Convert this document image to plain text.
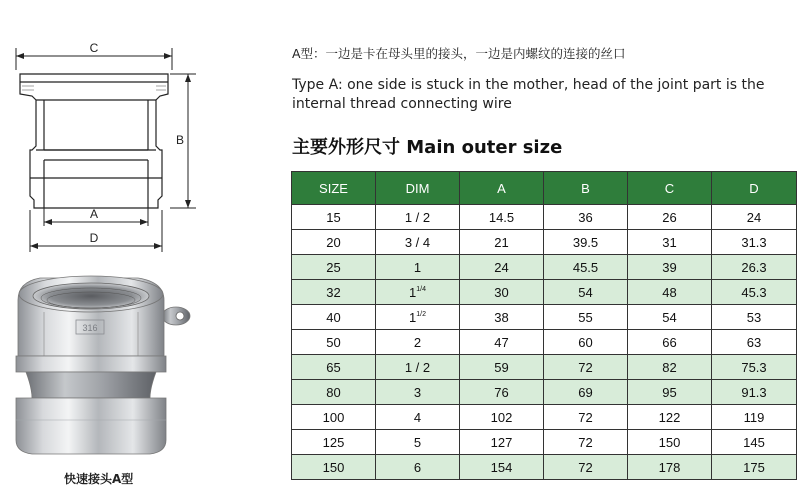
C
B
A
D
316
快速接头A型
A型：一边是卡在母头里的接头，一边是内螺纹的连接的丝口
Type A: one side is stuck in the mother, head of the joint part is the internal thread connecting wire
主要外形尺寸 Main outer size
SIZE	DIM	A	B	C	D
15	1 / 2	14.5	36	26	24
20	3 / 4	21	39.5	31	31.3
25	1	24	45.5	39	26.3
32	$1^{1/4}$	30	54	48	45.3
40	$1^{1/2}$	38	55	54	53
50	2	47	60	66	63
65	1 / 2	59	72	82	75.3
80	3	76	69	95	91.3
100	4	102	72	122	119
125	5	127	72	150	145
150	6	154	72	178	175
